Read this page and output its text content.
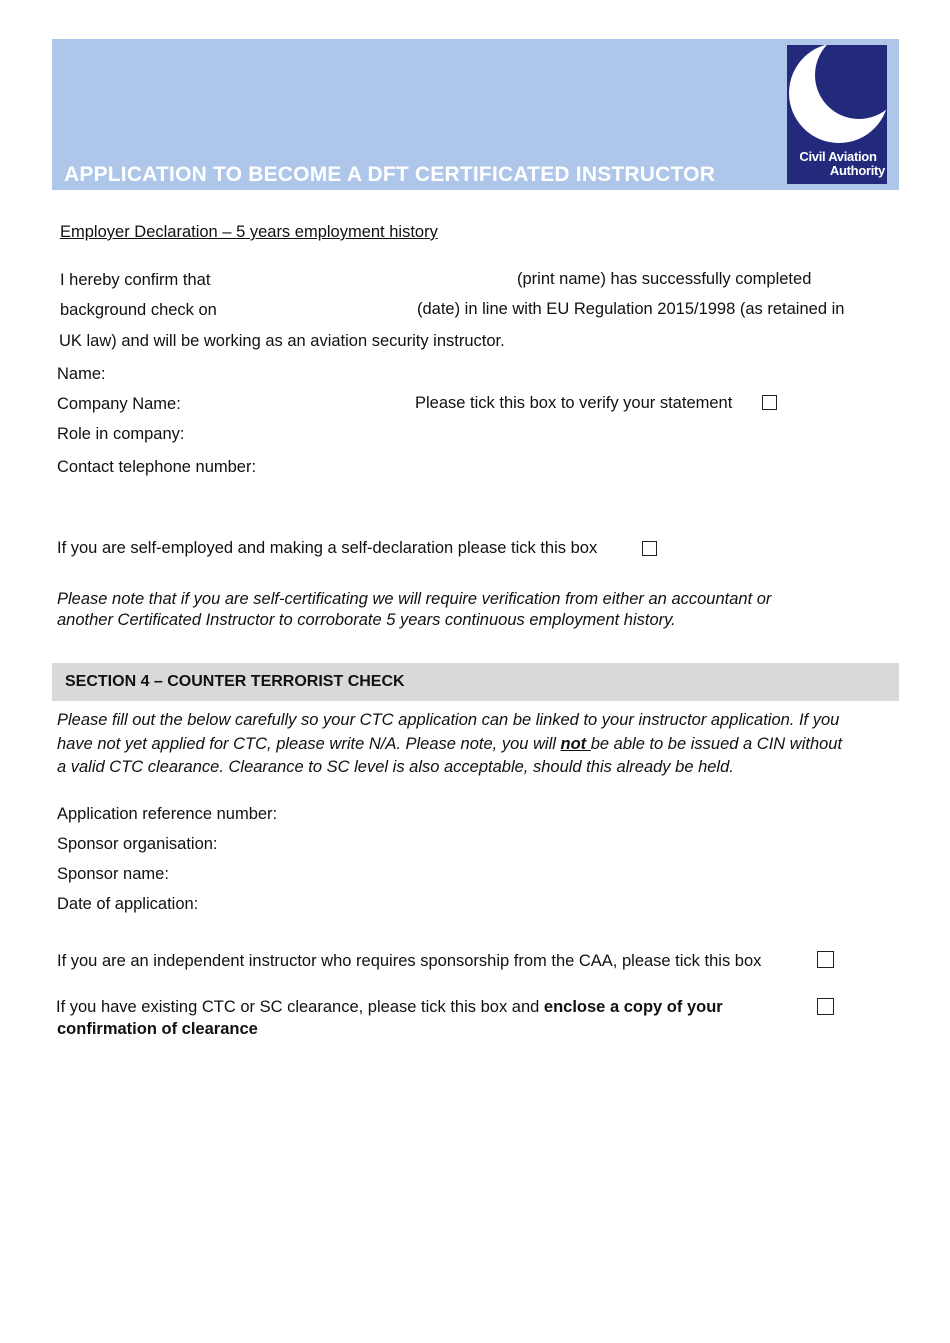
APPLICATION TO BECOME A DFT CERTIFICATED INSTRUCTOR
Civil Aviation
Authority
Employer Declaration – 5 years employment history
I hereby confirm that	(print name) has successfully completed
background check on	(date) in line with EU Regulation 2015/1998 (as retained in
UK law) and will be working as an aviation security instructor.
Name:
Company Name:	Please tick this box to verify your statement
Role in company:
Contact telephone number:
If you are self-employed and making a self-declaration please tick this box
Please note that if you are self-certificating we will require verification from either an accountant or
another Certificated Instructor to corroborate 5 years continuous employment history.
SECTION 4 – COUNTER TERRORIST CHECK
Please fill out the below carefully so your CTC application can be linked to your instructor application. If you
have not yet applied for CTC, please write N/A. Please note, you will not be able to be issued a CIN without
a valid CTC clearance. Clearance to SC level is also acceptable, should this already be held.
Application reference number:
Sponsor organisation:
Sponsor name:
Date of application:
If you are an independent instructor who requires sponsorship from the CAA, please tick this box
If you have existing CTC or SC clearance, please tick this box and enclose a copy of your
confirmation of clearance
